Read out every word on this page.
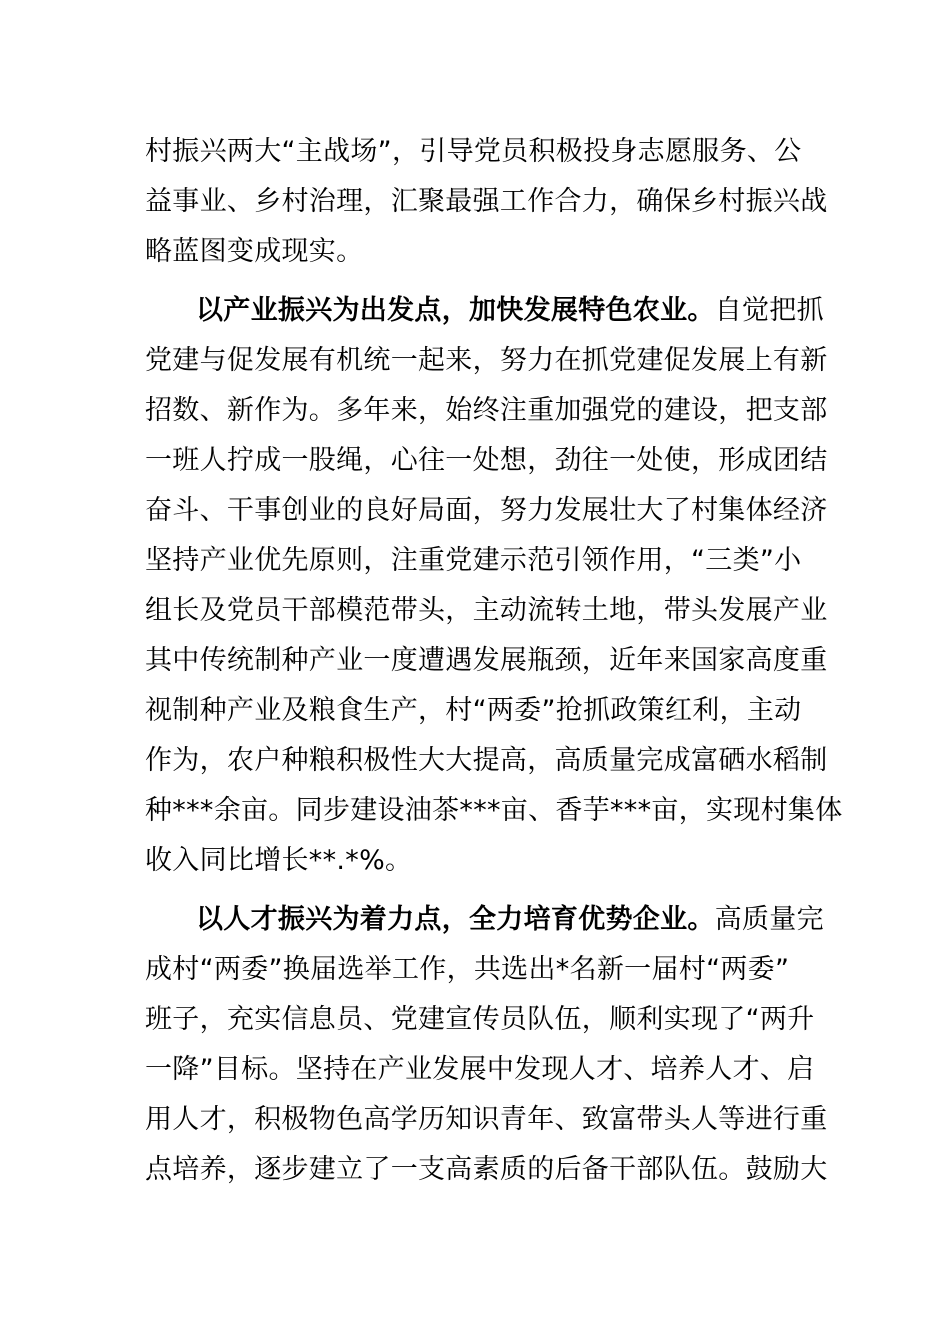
村振兴两大“主战场”，引导党员积极投身志愿服务、公
益事业、乡村治理，汇聚最强工作合力，确保乡村振兴战
略蓝图变成现实。
以产业振兴为出发点，加快发展特色农业。自觉把抓
党建与促发展有机统一起来，努力在抓党建促发展上有新
招数、新作为。多年来，始终注重加强党的建设，把支部
一班人拧成一股绳，心往一处想，劲往一处使，形成团结
奋斗、干事创业的良好局面，努力发展壮大了村集体经济
坚持产业优先原则，注重党建示范引领作用，“三类”小
组长及党员干部模范带头，主动流转土地，带头发展产业
其中传统制种产业一度遭遇发展瓶颈，近年来国家高度重
视制种产业及粮食生产，村“两委”抢抓政策红利，主动
作为，农户种粮积极性大大提高，高质量完成富硒水稻制
种***余亩。同步建设油茶***亩、香芋***亩，实现村集体
收入同比增长**.*%。
以人才振兴为着力点，全力培育优势企业。高质量完
成村“两委”换届选举工作，共选出*名新一届村“两委”
班子，充实信息员、党建宣传员队伍，顺利实现了“两升
一降”目标。坚持在产业发展中发现人才、培养人才、启
用人才，积极物色高学历知识青年、致富带头人等进行重
点培养，逐步建立了一支高素质的后备干部队伍。鼓励大
